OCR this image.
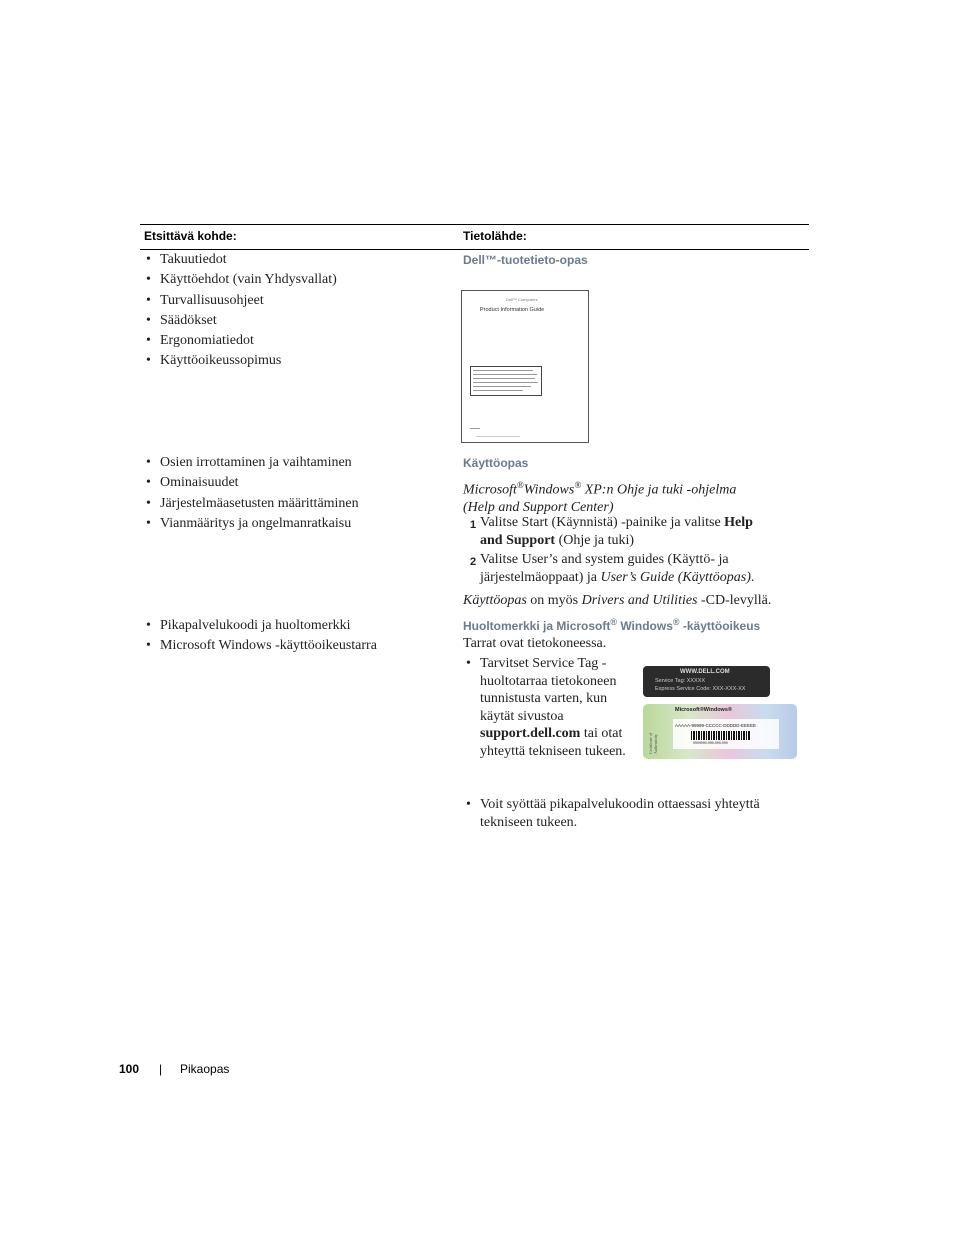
Etsittävä kohde:	Tietolähde:
• Takuutiedot
• Käyttöehdot (vain Yhdysvallat)
• Turvallisuusohjeet
• Säädökset
• Ergonomiatiedot
• Käyttöoikeussopimus
Dell™-tuotetieto-opas
Dell™ Computers
Product Information Guide
• Osien irrottaminen ja vaihtaminen
• Ominaisuudet
• Järjestelmäasetusten määrittäminen
• Vianmääritys ja ongelmanratkaisu
Käyttöopas
Microsoft®Windows® XP:n Ohje ja tuki -ohjelma
(Help and Support Center)
1 Valitse Start (Käynnistä) -painike ja valitse Help and Support (Ohje ja tuki)
2 Valitse User’s and system guides (Käyttö- ja järjestelmäoppaat) ja User’s Guide (Käyttöopas).
Käyttöopas on myös Drivers and Utilities -CD-levyllä.
• Pikapalvelukoodi ja huoltomerkki
• Microsoft Windows -käyttöoikeustarra
Huoltomerkki ja Microsoft® Windows® -käyttöoikeus
Tarrat ovat tietokoneessa.
• Tarvitset Service Tag -huoltotarraa tietokoneen tunnistusta varten, kun käytät sivustoa support.dell.com tai otat yhteyttä tekniseen tukeen.
• Voit syöttää pikapalvelukoodin ottaessasi yhteyttä tekniseen tukeen.
WWW.DELL.COM
Service Tag: XXXXX
Express Service Code: XXX-XXX-XX
Certificate of Authenticity
Microsoft®Windows®
AAAAA-99999-CCCCC-DDDDD-EEEEE
9999999-999-999-999
100 | Pikaopas
